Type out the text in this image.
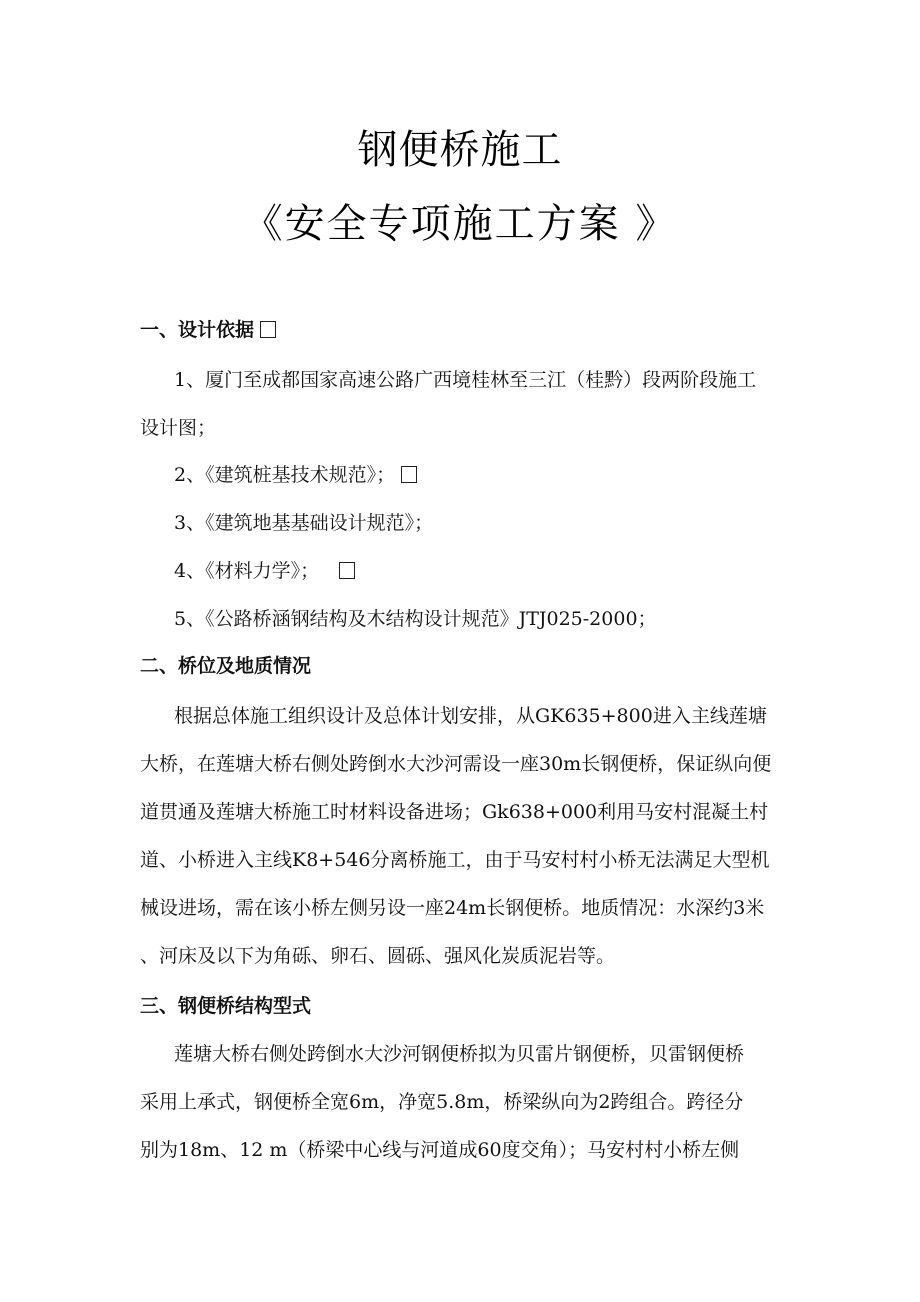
钢便桥施工
《安全专项施工方案 》
一、设计依据
1、厦门至成都国家高速公路广西境桂林至三江（桂黔）段两阶段施工
设计图；
2、《建筑桩基技术规范》；
3、《建筑地基基础设计规范》；
4、《材料力学》；
5、《公路桥涵钢结构及木结构设计规范》JTJ025-2000；
二、桥位及地质情况
根据总体施工组织设计及总体计划安排，从GK635+800进入主线莲塘
大桥，在莲塘大桥右侧处跨倒水大沙河需设一座30m长钢便桥，保证纵向便
道贯通及莲塘大桥施工时材料设备进场；Gk638+000利用马安村混凝土村
道、小桥进入主线K8+546分离桥施工，由于马安村村小桥无法满足大型机
械设进场，需在该小桥左侧另设一座24m长钢便桥。地质情况：水深约3米
、河床及以下为角砾、卵石、圆砾、强风化炭质泥岩等。
三、钢便桥结构型式
莲塘大桥右侧处跨倒水大沙河钢便桥拟为贝雷片钢便桥，贝雷钢便桥
采用上承式，钢便桥全宽6m，净宽5.8m，桥梁纵向为2跨组合。跨径分
别为18m、12 m（桥梁中心线与河道成60度交角）；马安村村小桥左侧
